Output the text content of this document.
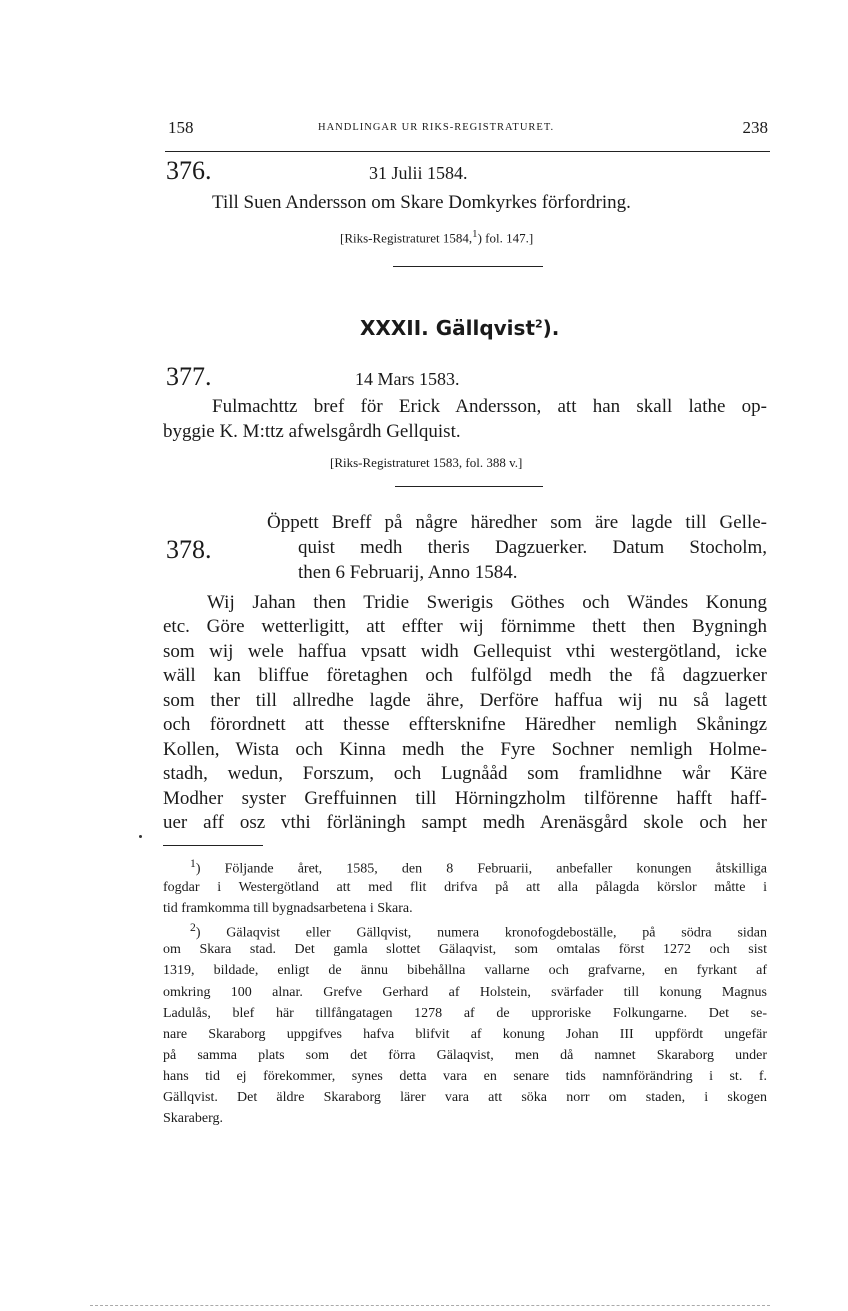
158	HANDLINGAR UR RIKS-REGISTRATURET.	238
376.	31 Julii 1584.
Till Suen Andersson om Skare Domkyrkes förfordring.
[Riks-Registraturet 1584,$^1$) fol. 147.]
XXXII. Gällqvist$^2$).
377.	14 Mars 1583.
Fulmachttz bref för Erick Andersson, att han skall lathe op-
byggie K. M:ttz afwelsgårdh Gellquist.
[Riks-Registraturet 1583, fol. 388 v.]
Öppett Breff på någre häredher som äre lagde till Gelle-
378.	quist medh theris Dagzuerker. Datum Stocholm,
then 6 Februarij, Anno 1584.
Wij Jahan then Tridie Swerigis Göthes och Wändes Konung
etc. Göre wetterligitt, att effter wij förnimme thett then Bygningh
som wij wele haffua vpsatt widh Gellequist vthi westergötland, icke
wäll kan bliffue företaghen och fulfölgd medh the få dagzuerker
som ther till allredhe lagde ähre, Derföre haffua wij nu så lagett
och förordnett att thesse efftersknifne Häredher nemligh Skåningz
Kollen, Wista och Kinna medh the Fyre Sochner nemligh Holme-
stadh, wedun, Forszum, och Lugnååd som framlidhne wår Käre
Modher syster Greffuinnen till Hörningzholm tilförenne hafft haff-
uer aff osz vthi förläningh sampt medh Arenäsgård skole och her
$^1$) Följande året, 1585, den 8 Februarii, anbefaller konungen åtskilliga
fogdar i Westergötland att med flit drifva på att alla pålagda körslor måtte i
tid framkomma till bygnadsarbetena i Skara.
$^2$) Gälaqvist eller Gällqvist, numera kronofogdeboställe, på södra sidan
om Skara stad. Det gamla slottet Gälaqvist, som omtalas först 1272 och sist
1319, bildade, enligt de ännu bibehållna vallarne och grafvarne, en fyrkant af
omkring 100 alnar. Grefve Gerhard af Holstein, svärfader till konung Magnus
Ladulås, blef här tillfångatagen 1278 af de upproriske Folkungarne. Det se-
nare Skaraborg uppgifves hafva blifvit af konung Johan III uppfördt ungefär
på samma plats som det förra Gälaqvist, men då namnet Skaraborg under
hans tid ej förekommer, synes detta vara en senare tids namnförändring i st. f.
Gällqvist. Det äldre Skaraborg lärer vara att söka norr om staden, i skogen
Skaraberg.
